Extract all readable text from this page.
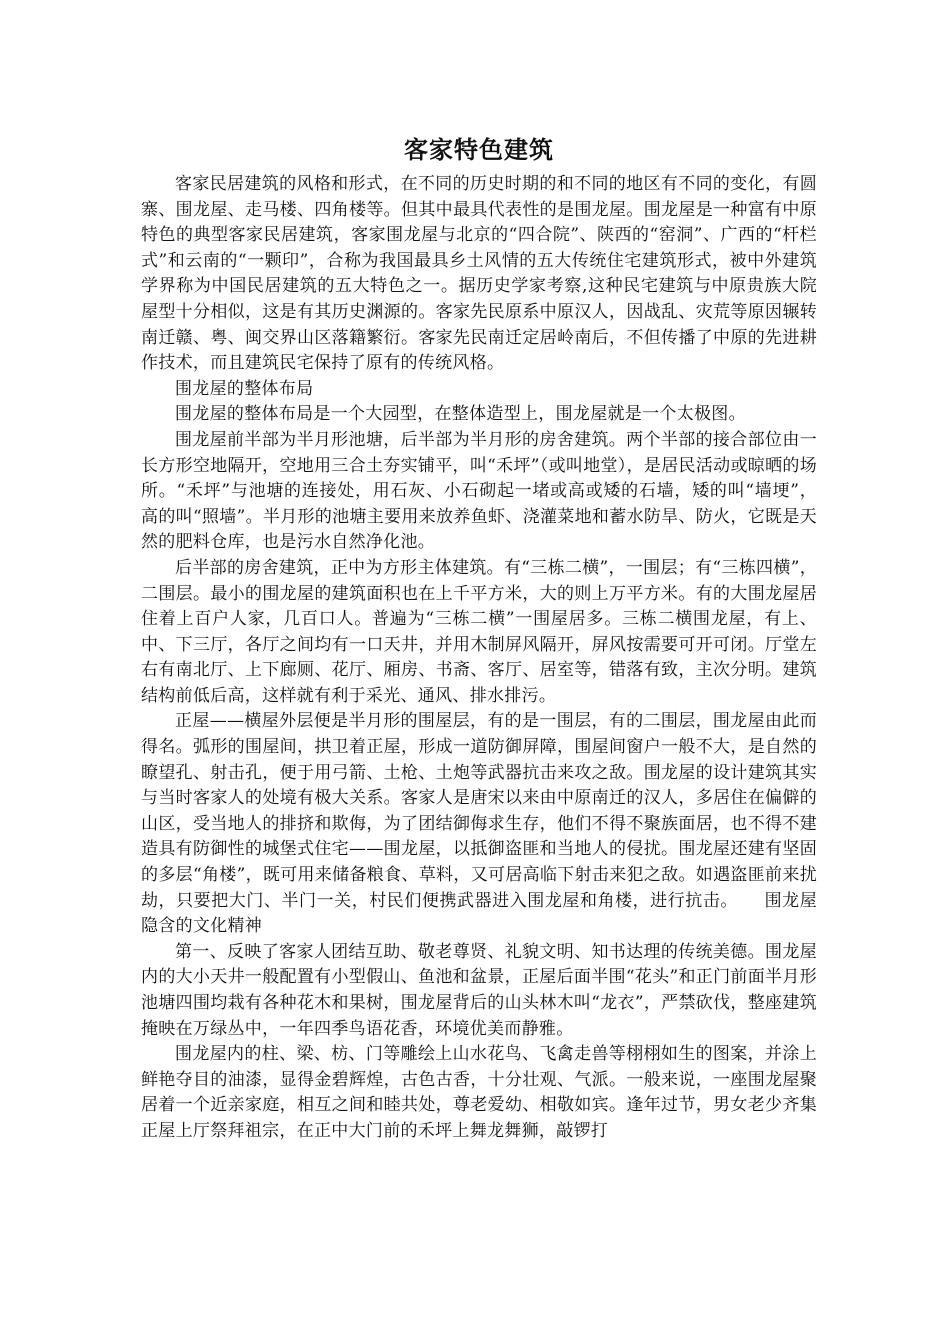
客家特色建筑

客家民居建筑的风格和形式，在不同的历史时期的和不同的地区有不同的变化，有圆寨、围龙屋、走马楼、四角楼等。但其中最具代表性的是围龙屋。围龙屋是一种富有中原特色的典型客家民居建筑，客家围龙屋与北京的“四合院”、陕西的“窑洞”、广西的“杆栏式”和云南的“一颗印”，合称为我国最具乡土风情的五大传统住宅建筑形式，被中外建筑学界称为中国民居建筑的五大特色之一。据历史学家考察,这种民宅建筑与中原贵族大院屋型十分相似，这是有其历史渊源的。客家先民原系中原汉人，因战乱、灾荒等原因辗转南迁赣、粤、闽交界山区落籍繁衍。客家先民南迁定居岭南后，不但传播了中原的先进耕作技术，而且建筑民宅保持了原有的传统风格。

围龙屋的整体布局

围龙屋的整体布局是一个大园型，在整体造型上，围龙屋就是一个太极图。

围龙屋前半部为半月形池塘，后半部为半月形的房舍建筑。两个半部的接合部位由一长方形空地隔开，空地用三合土夯实铺平，叫“禾坪”（或叫地堂），是居民活动或晾晒的场所。“禾坪”与池塘的连接处，用石灰、小石砌起一堵或高或矮的石墙，矮的叫“墙埂”，高的叫“照墙”。半月形的池塘主要用来放养鱼虾、浇灌菜地和蓄水防旱、防火，它既是天然的肥料仓库，也是污水自然净化池。

后半部的房舍建筑，正中为方形主体建筑。有“三栋二横”，一围层；有“三栋四横”，二围层。最小的围龙屋的建筑面积也在上千平方米，大的则上万平方米。有的大围龙屋居住着上百户人家，几百口人。普遍为“三栋二横”一围屋居多。三栋二横围龙屋，有上、中、下三厅，各厅之间均有一口天井，并用木制屏风隔开，屏风按需要可开可闭。厅堂左右有南北厅、上下廊厕、花厅、厢房、书斋、客厅、居室等，错落有致，主次分明。建筑结构前低后高，这样就有利于采光、通风、排水排污。

正屋——横屋外层便是半月形的围屋层，有的是一围层，有的二围层，围龙屋由此而得名。弧形的围屋间，拱卫着正屋，形成一道防御屏障，围屋间窗户一般不大，是自然的瞭望孔、射击孔，便于用弓箭、土枪、土炮等武器抗击来攻之敌。围龙屋的设计建筑其实与当时客家人的处境有极大关系。客家人是唐宋以来由中原南迁的汉人，多居住在偏僻的山区，受当地人的排挤和欺侮，为了团结御侮求生存，他们不得不聚族面居，也不得不建造具有防御性的城堡式住宅——围龙屋，以抵御盗匪和当地人的侵扰。围龙屋还建有坚固的多层“角楼”，既可用来储备粮食、草料，又可居高临下射击来犯之敌。如遇盗匪前来扰劫，只要把大门、半门一关，村民们便携武器进入围龙屋和角楼，进行抗击。　　围龙屋隐含的文化精神

第一、反映了客家人团结互助、敬老尊贤、礼貌文明、知书达理的传统美德。围龙屋内的大小天井一般配置有小型假山、鱼池和盆景，正屋后面半围“花头”和正门前面半月形池塘四围均栽有各种花木和果树，围龙屋背后的山头林木叫“龙衣”，严禁砍伐，整座建筑掩映在万绿丛中，一年四季鸟语花香，环境优美而静雅。

围龙屋内的柱、梁、枋、门等雕绘上山水花鸟、飞禽走兽等栩栩如生的图案，并涂上鲜艳夺目的油漆，显得金碧辉煌，古色古香，十分壮观、气派。一般来说，一座围龙屋聚居着一个近亲家庭，相互之间和睦共处，尊老爱幼、相敬如宾。逢年过节，男女老少齐集正屋上厅祭拜祖宗，在正中大门前的禾坪上舞龙舞狮，敲锣打
